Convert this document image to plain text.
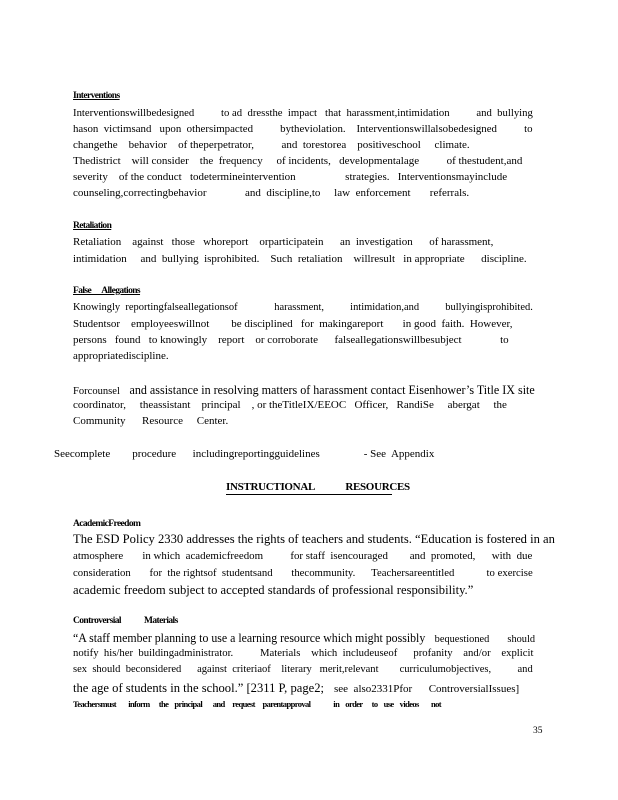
Interventions
Interventionswillbedesigned          to ad  dressthe  impact   that  harassment,intimidation          and  bullying
hason  victimsand   upon  othersimpacted          bytheviolation.    Interventionswillalsobedesigned          to
changethe    behavior    of theperpetrator,          and  torestorea    positiveschool     climate.
Thedistrict    will consider    the  frequency     of incidents,   developmentalage          of thestudent,and
severity    of the conduct   todetermineintervention                  strategies.   Interventionsmayinclude
counseling,correctingbehavior              and  discipline,to     law  enforcement       referrals.
Retaliation
Retaliation    against   those   whoreport    orparticipatein      an  investigation      of harassment,
intimidation     and  bullying  isprohibited.    Such  retaliation    willresult   in appropriate      discipline.
False      Allegations
Knowingly  reportingfalseallegationsof              harassment,          intimidation,and          bullyingisprohibited.
Studentsor    employeeswillnot        be disciplined   for  makingareport       in good  faith.  However,
persons   found   to knowingly    report    or corroborate      falseallegationswillbesubject              to
appropriatediscipline.
Forcounsel and assistance in resolving matters of harassment contact Eisenhower’s Title IX site
coordinator,     theassistant    principal    , or theTitleIX/EEOC   Officer,   RandiSe     abergat     the
Community      Resource     Center.
Seecomplete        procedure      includingreportingguidelines                - See  Appendix
INSTRUCTIONAL	RESOURCES
AcademicFreedom
The ESD Policy 2330 addresses the rights of teachers and students. “Education is fostered in an
atmosphere       in which  academicfreedom          for staff  isencouraged        and  promoted,      with  due
consideration       for  the rightsof  studentsand       thecommunity.      Teachersareentitled            to exercise
academic freedom subject to accepted standards of professional responsibility.”
Controversial             Materials
“A staff member planning to use a learning resource which might possibly bequestioned       should
notify  his/her  buildingadministrator.          Materials    which  includeuseof      profanity    and/or    explicit
sex  should  beconsidered      against  criteriaof    literary   merit,relevant        curriculumobjectives,          and
the age of students in the school.” [2311 P, page2; see  also2331Pfor      ControversialIssues]
Teachersmust        inform      the    principal       and     request     parentapproval               in    order      to    use    videos        not
35
